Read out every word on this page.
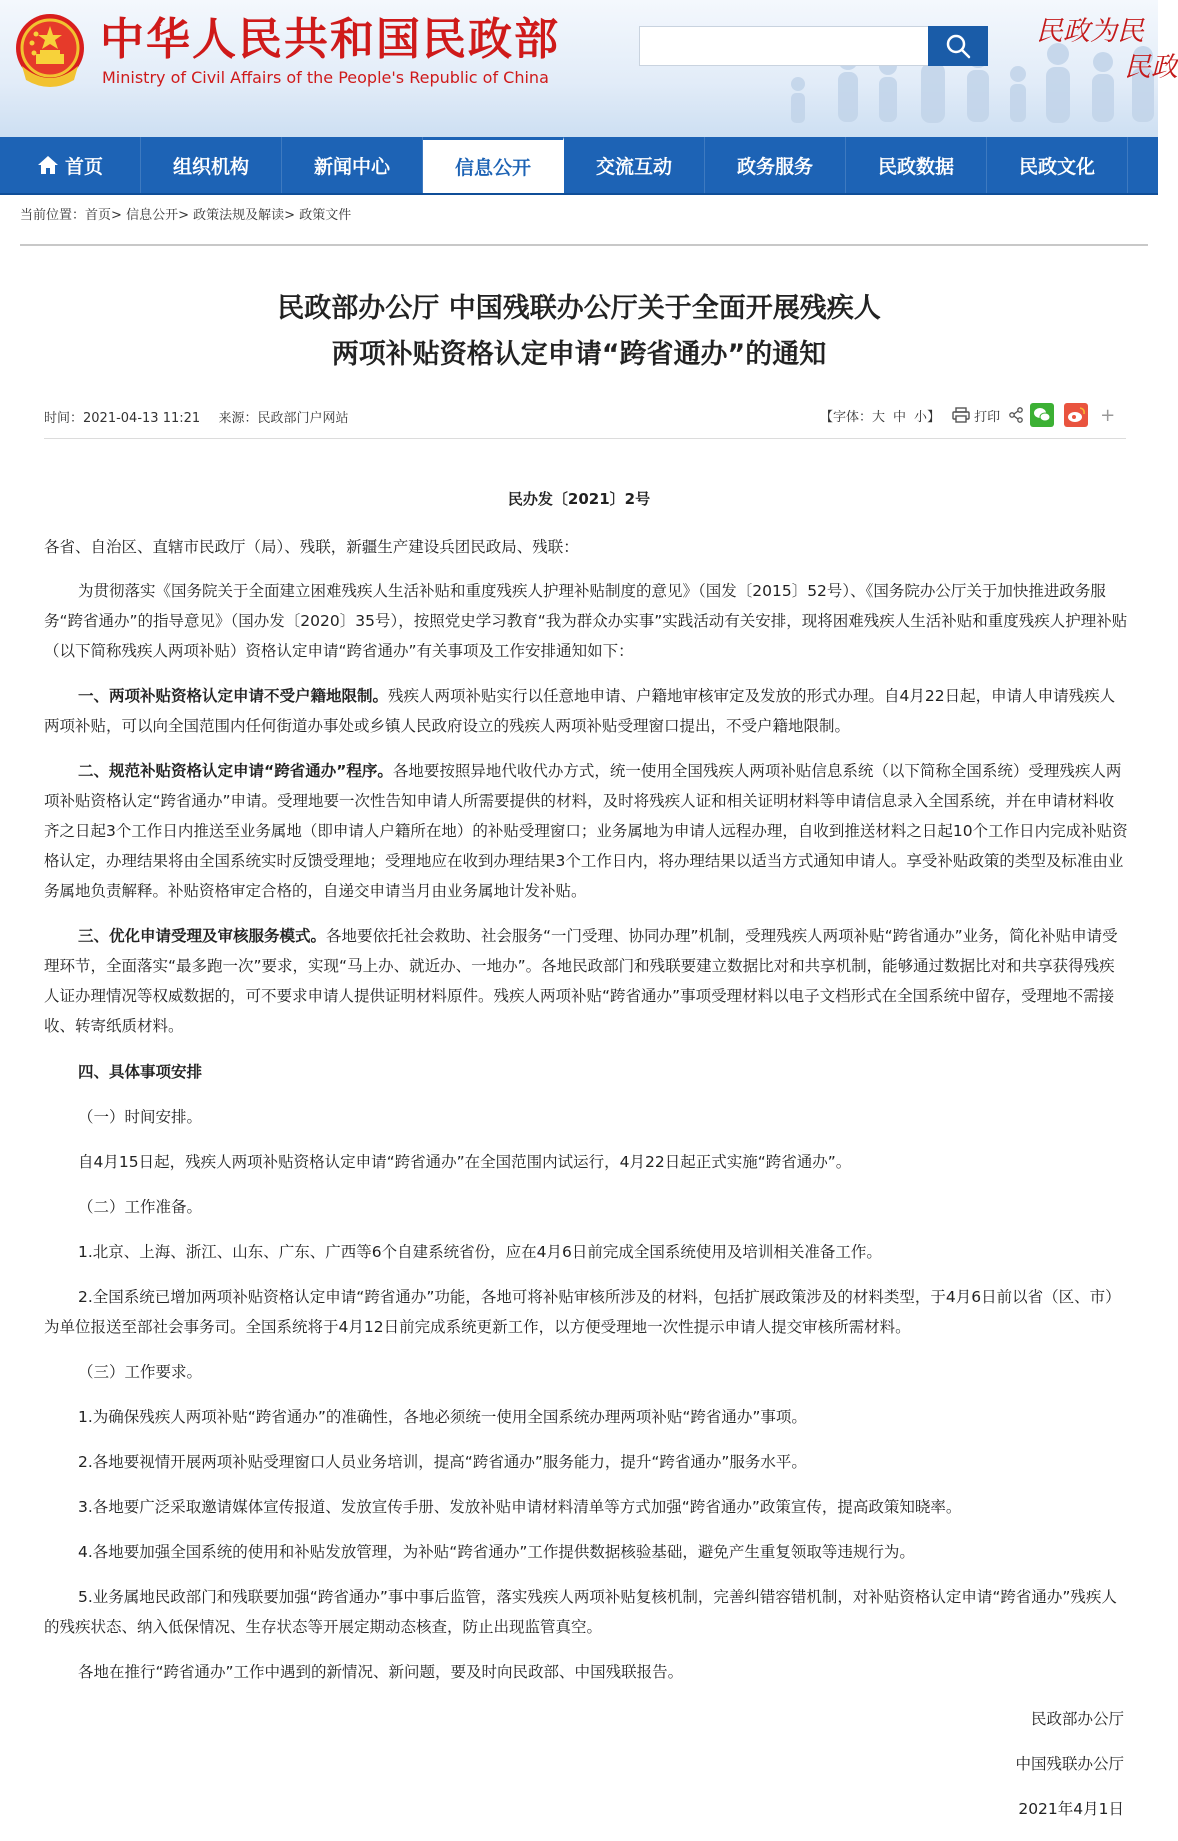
中华人民共和国民政部
Ministry of Civil Affairs of the People's Republic of China
民政为民
民政
首页	组织机构	新闻中心	信息公开	交流互动	政务服务	民政数据	民政文化
当前位置：首页> 信息公开> 政策法规及解读> 政策文件
民政部办公厅 中国残联办公厅关于全面开展残疾人
两项补贴资格认定申请“跨省通办”的通知
时间：2021-04-13 11:21 来源：民政部门户网站	【字体： 大 中 小 】	打印	+
民办发〔2021〕2号

各省、自治区、直辖市民政厅（局）、残联，新疆生产建设兵团民政局、残联：

为贯彻落实《国务院关于全面建立困难残疾人生活补贴和重度残疾人护理补贴制度的意见》（国发〔2015〕52号）、《国务院办公厅关于加快推进政务服务“跨省通办”的指导意见》（国办发〔2020〕35号），按照党史学习教育“我为群众办实事”实践活动有关安排，现将困难残疾人生活补贴和重度残疾人护理补贴（以下简称残疾人两项补贴）资格认定申请“跨省通办”有关事项及工作安排通知如下：

一、两项补贴资格认定申请不受户籍地限制。残疾人两项补贴实行以任意地申请、户籍地审核审定及发放的形式办理。自4月22日起，申请人申请残疾人两项补贴，可以向全国范围内任何街道办事处或乡镇人民政府设立的残疾人两项补贴受理窗口提出，不受户籍地限制。

二、规范补贴资格认定申请“跨省通办”程序。各地要按照异地代收代办方式，统一使用全国残疾人两项补贴信息系统（以下简称全国系统）受理残疾人两项补贴资格认定“跨省通办”申请。受理地要一次性告知申请人所需要提供的材料，及时将残疾人证和相关证明材料等申请信息录入全国系统，并在申请材料收齐之日起3个工作日内推送至业务属地（即申请人户籍所在地）的补贴受理窗口；业务属地为申请人远程办理，自收到推送材料之日起10个工作日内完成补贴资格认定，办理结果将由全国系统实时反馈受理地；受理地应在收到办理结果3个工作日内，将办理结果以适当方式通知申请人。享受补贴政策的类型及标准由业务属地负责解释。补贴资格审定合格的，自递交申请当月由业务属地计发补贴。

三、优化申请受理及审核服务模式。各地要依托社会救助、社会服务“一门受理、协同办理”机制，受理残疾人两项补贴“跨省通办”业务，简化补贴申请受理环节，全面落实“最多跑一次”要求，实现“马上办、就近办、一地办”。各地民政部门和残联要建立数据比对和共享机制，能够通过数据比对和共享获得残疾人证办理情况等权威数据的，可不要求申请人提供证明材料原件。残疾人两项补贴“跨省通办”事项受理材料以电子文档形式在全国系统中留存，受理地不需接收、转寄纸质材料。

四、具体事项安排

（一）时间安排。

自4月15日起，残疾人两项补贴资格认定申请“跨省通办”在全国范围内试运行，4月22日起正式实施“跨省通办”。

（二）工作准备。

1.北京、上海、浙江、山东、广东、广西等6个自建系统省份，应在4月6日前完成全国系统使用及培训相关准备工作。

2.全国系统已增加两项补贴资格认定申请“跨省通办”功能，各地可将补贴审核所涉及的材料，包括扩展政策涉及的材料类型，于4月6日前以省（区、市）为单位报送至部社会事务司。全国系统将于4月12日前完成系统更新工作，以方便受理地一次性提示申请人提交审核所需材料。

（三）工作要求。

1.为确保残疾人两项补贴“跨省通办”的准确性，各地必须统一使用全国系统办理两项补贴“跨省通办”事项。

2.各地要视情开展两项补贴受理窗口人员业务培训，提高“跨省通办”服务能力，提升“跨省通办”服务水平。

3.各地要广泛采取邀请媒体宣传报道、发放宣传手册、发放补贴申请材料清单等方式加强“跨省通办”政策宣传，提高政策知晓率。

4.各地要加强全国系统的使用和补贴发放管理，为补贴“跨省通办”工作提供数据核验基础，避免产生重复领取等违规行为。

5.业务属地民政部门和残联要加强“跨省通办”事中事后监管，落实残疾人两项补贴复核机制，完善纠错容错机制，对补贴资格认定申请“跨省通办”残疾人的残疾状态、纳入低保情况、生存状态等开展定期动态核查，防止出现监管真空。

各地在推行“跨省通办”工作中遇到的新情况、新问题，要及时向民政部、中国残联报告。

民政部办公厅
中国残联办公厅
2021年4月1日
